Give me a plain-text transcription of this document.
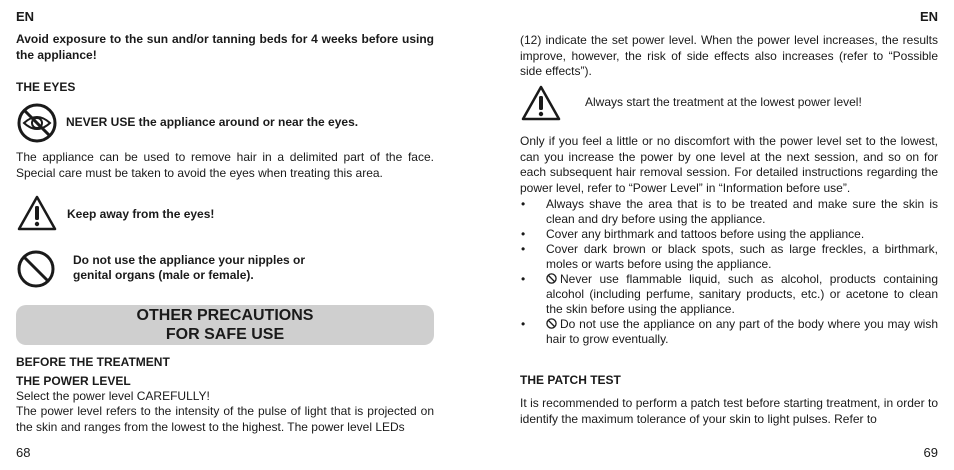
EN
Avoid exposure to the sun and/or tanning beds for 4 weeks before using the appliance!
THE EYES
NEVER USE the appliance around or near the eyes.
The appliance can be used to remove hair in a delimited part of the face. Special care must be taken to avoid the eyes when treating this area.
Keep away from the eyes!
Do not use the appliance your nipples or
genital organs (male or female).
OTHER PRECAUTIONS
FOR SAFE USE
BEFORE THE TREATMENT
THE POWER LEVEL
Select the power level CAREFULLY!
The power level refers to the intensity of the pulse of light that is projected on the skin and ranges from the lowest to the highest. The power level LEDs
68
EN
(12) indicate the set power level. When the power level increases, the results improve, however, the risk of side effects also increases (refer to “Possible side effects”).
Always start the treatment at the lowest power level!
Only if you feel a little or no discomfort with the power level set to the lowest, can you increase the power by one level at the next session, and so on for each subsequent hair removal session. For detailed instructions regarding the power level, refer to “Power Level” in “Information before use”.
• Always shave the area that is to be treated and make sure the skin is clean and dry before using the appliance.
• Cover any birthmark and tattoos before using the appliance.
• Cover dark brown or black spots, such as large freckles, a birthmark, moles or warts before using the appliance.
•	Never use flammable liquid, such as alcohol, products containing alcohol (including perfume, sanitary products, etc.) or acetone to clean the skin before using the appliance.
•	Do not use the appliance on any part of the body where you may wish hair to grow eventually.
THE PATCH TEST
It is recommended to perform a patch test before starting treatment, in order to identify the maximum tolerance of your skin to light pulses. Refer to
69
